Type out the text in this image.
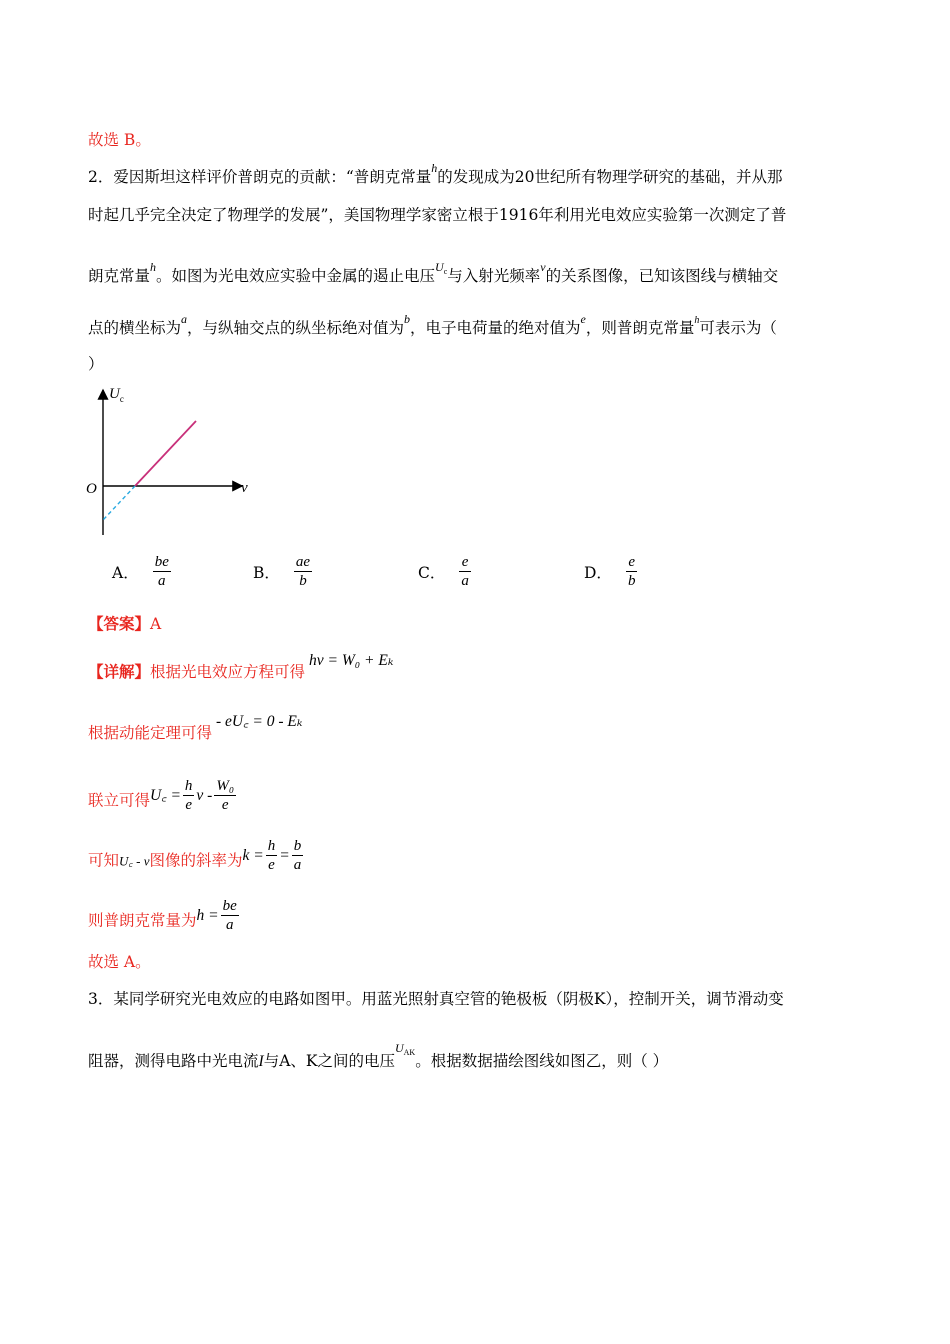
故选 B。
2．爱因斯坦这样评价普朗克的贡献：“普朗克常量$^h$的发现成为20世纪所有物理学研究的基础，并从那
时起几乎完全决定了物理学的发展”，美国物理学家密立根于1916年利用光电效应实验第一次测定了普
朗克常量$^h$。如图为光电效应实验中金属的遏止电压$^{U_c}$与入射光频率$^\nu$的关系图像，已知该图线与横轴交
点的横坐标为$^a$，与纵轴交点的纵坐标绝对值为$^b$，电子电荷量的绝对值为$^e$，则普朗克常量$^h$可表示为（
）
$U_c$
O	ν
A． $\frac{be}{a}$	B． $\frac{ae}{b}$	C． $\frac{e}{a}$	D． $\frac{e}{b}$
【答案】A
【详解】根据光电效应方程可得hν = W₀ + Eₖ
根据动能定理可得- eU꜀ = 0 - Eₖ
联立可得U꜀ = $\frac{h}{e}$ ν - $\frac{\text{W₀}}{e}$
可知U꜀ - ν图像的斜率为$k = \frac{h}{e} = \frac{b}{a}$
则普朗克常量为$h = \frac{be}{a}$
故选 A。
3．某同学研究光电效应的电路如图甲。用蓝光照射真空管的铯极板（阴极K），控制开关，调节滑动变
阻器，测得电路中光电流I与A、K之间的电压$^{U_{AK}}$。根据数据描绘图线如图乙，则（ ）
